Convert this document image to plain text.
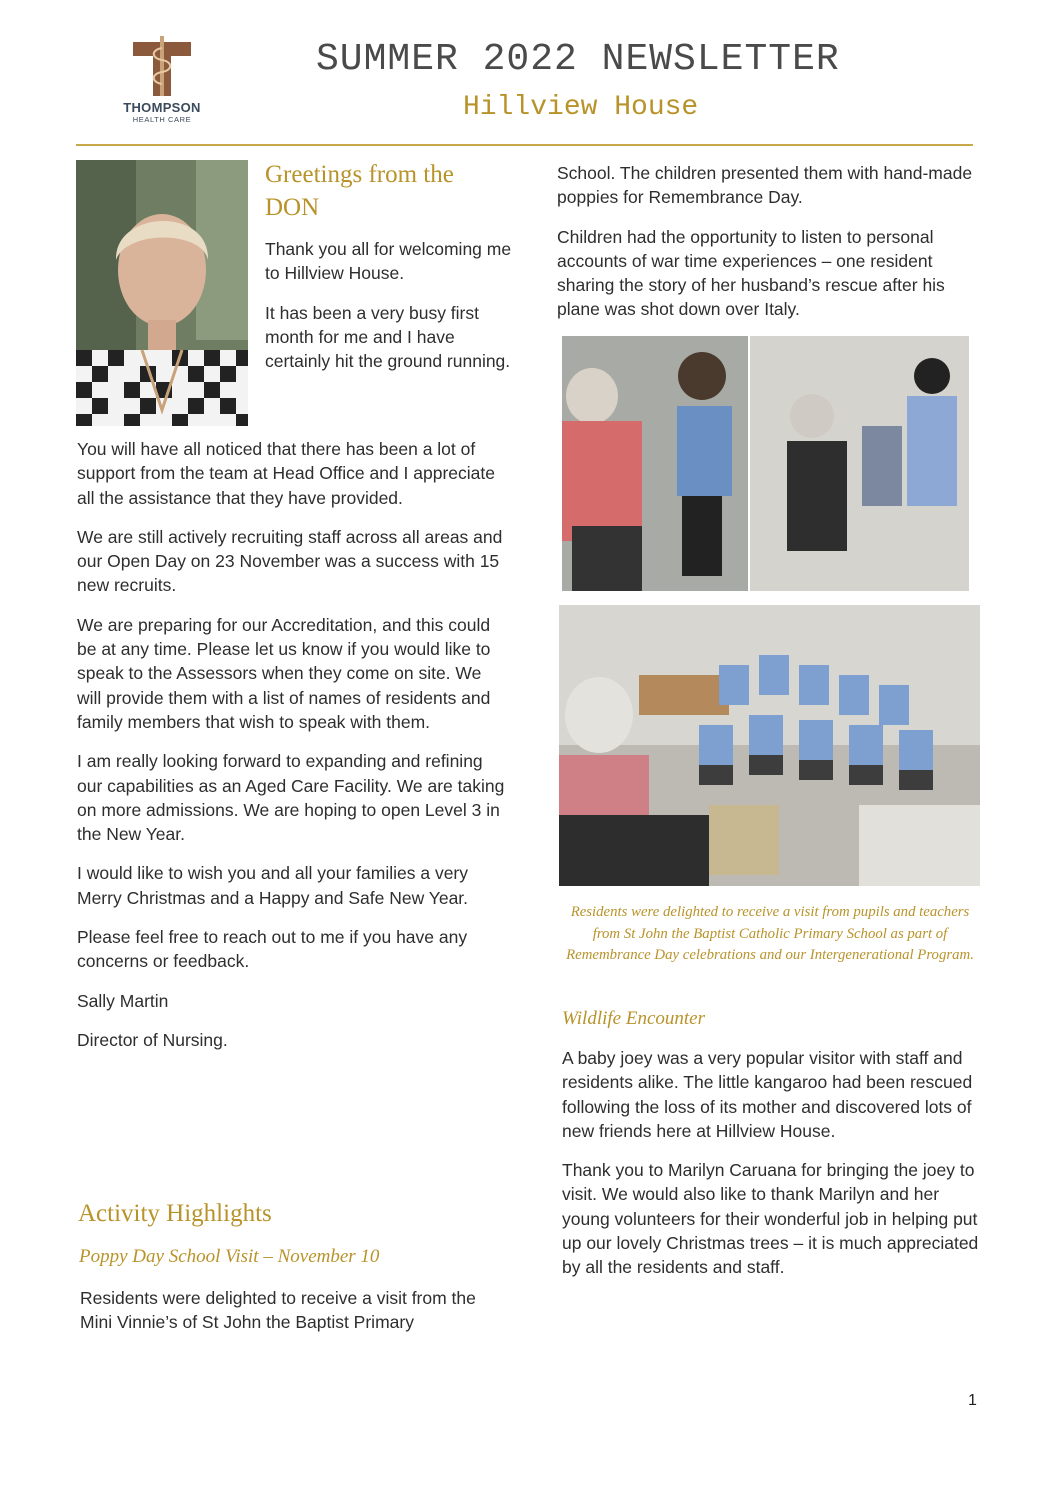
THOMPSON
HEALTH CARE
SUMMER 2022 NEWSLETTER
Hillview House
Greetings from the
DON

Thank you all for welcoming me to Hillview House.

It has been a very busy first month for me and I have certainly hit the ground running.

You will have all noticed that there has been a lot of support from the team at Head Office and I appreciate all the assistance that they have provided.

We are still actively recruiting staff across all areas and our Open Day on 23 November was a success with 15 new recruits.

We are preparing for our Accreditation, and this could be at any time. Please let us know if you would like to speak to the Assessors when they come on site. We will provide them with a list of names of residents and family members that wish to speak with them.

I am really looking forward to expanding and refining our capabilities as an Aged Care Facility. We are taking on more admissions. We are hoping to open Level 3 in the New Year.

I would like to wish you and all your families a very Merry Christmas and a Happy and Safe New Year.

Please feel free to reach out to me if you have any concerns or feedback.

Sally Martin

Director of Nursing.

Activity Highlights
Poppy Day School Visit – November 10
Residents were delighted to receive a visit from the Mini Vinnie’s of St John the Baptist Primary

School. The children presented them with hand-made poppies for Remembrance Day.

Children had the opportunity to listen to personal accounts of war time experiences – one resident sharing the story of her husband’s rescue after his plane was shot down over Italy.

Residents were delighted to receive a visit from pupils and teachers from St John the Baptist Catholic Primary School as part of Remembrance Day celebrations and our Intergenerational Program.
Wildlife Encounter

A baby joey was a very popular visitor with staff and residents alike. The little kangaroo had been rescued following the loss of its mother and discovered lots of new friends here at Hillview House.

Thank you to Marilyn Caruana for bringing the joey to visit. We would also like to thank Marilyn and her young volunteers for their wonderful job in helping put up our lovely Christmas trees – it is much appreciated by all the residents and staff.

1
